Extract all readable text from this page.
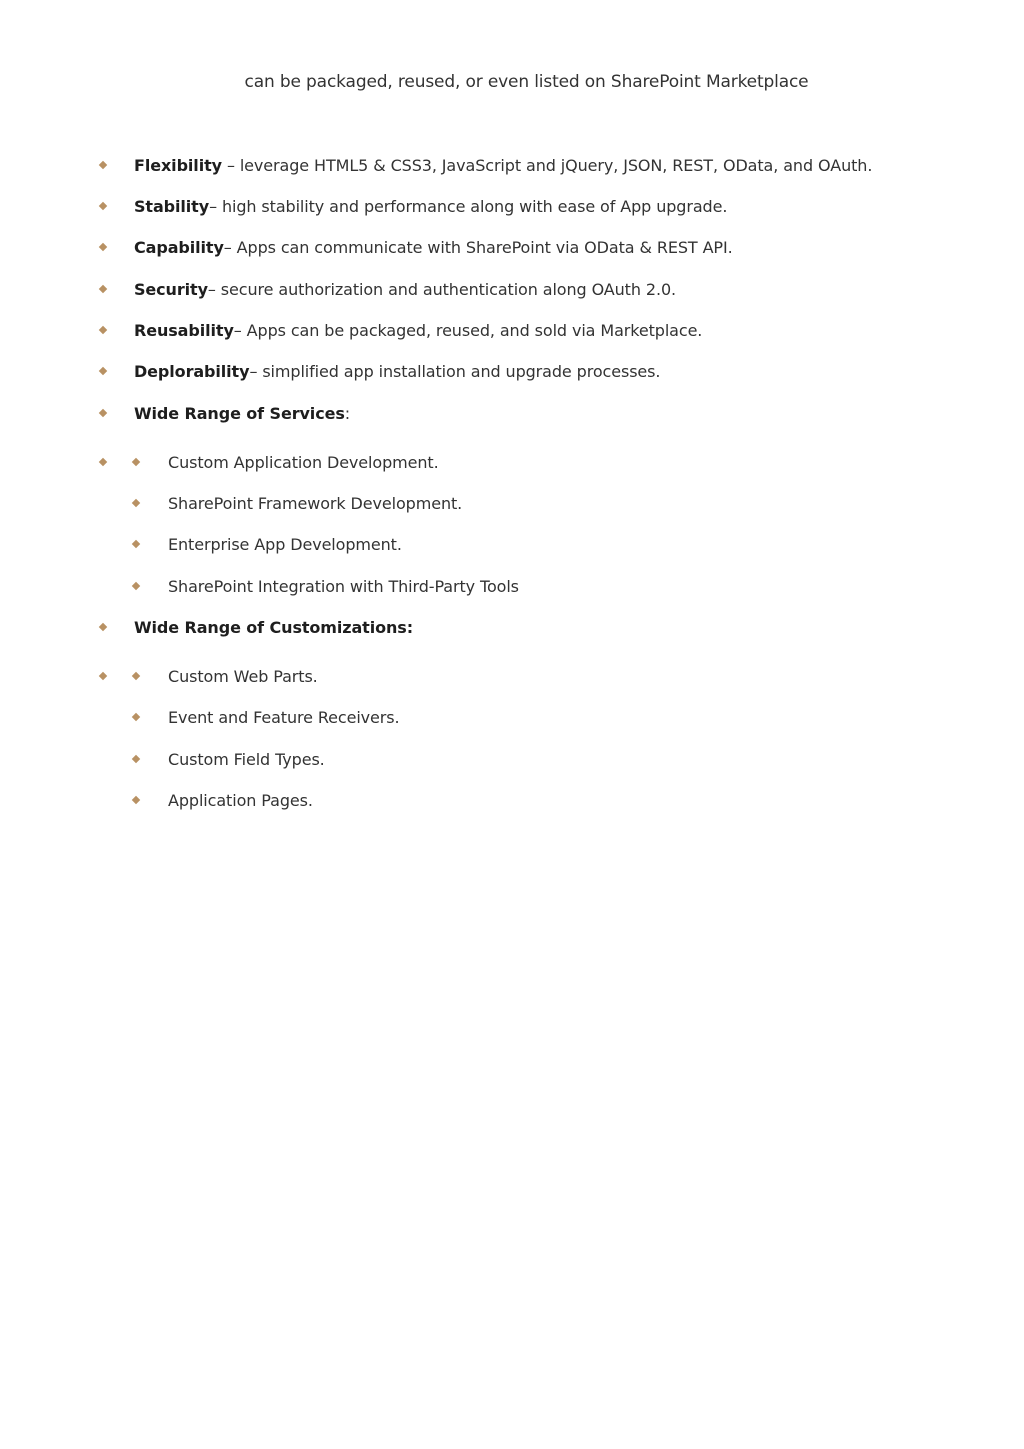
can be packaged, reused, or even listed on SharePoint Marketplace

Flexibility – leverage HTML5 & CSS3, JavaScript and jQuery, JSON, REST, OData, and OAuth.
Stability– high stability and performance along with ease of App upgrade.
Capability– Apps can communicate with SharePoint via OData & REST API.
Security– secure authorization and authentication along OAuth 2.0.
Reusability– Apps can be packaged, reused, and sold via Marketplace.
Deplorability– simplified app installation and upgrade processes.
Wide Range of Services:
Custom Application Development.
SharePoint Framework Development.
Enterprise App Development.
SharePoint Integration with Third-Party Tools
Wide Range of Customizations:
Custom Web Parts.
Event and Feature Receivers.
Custom Field Types.
Application Pages.
